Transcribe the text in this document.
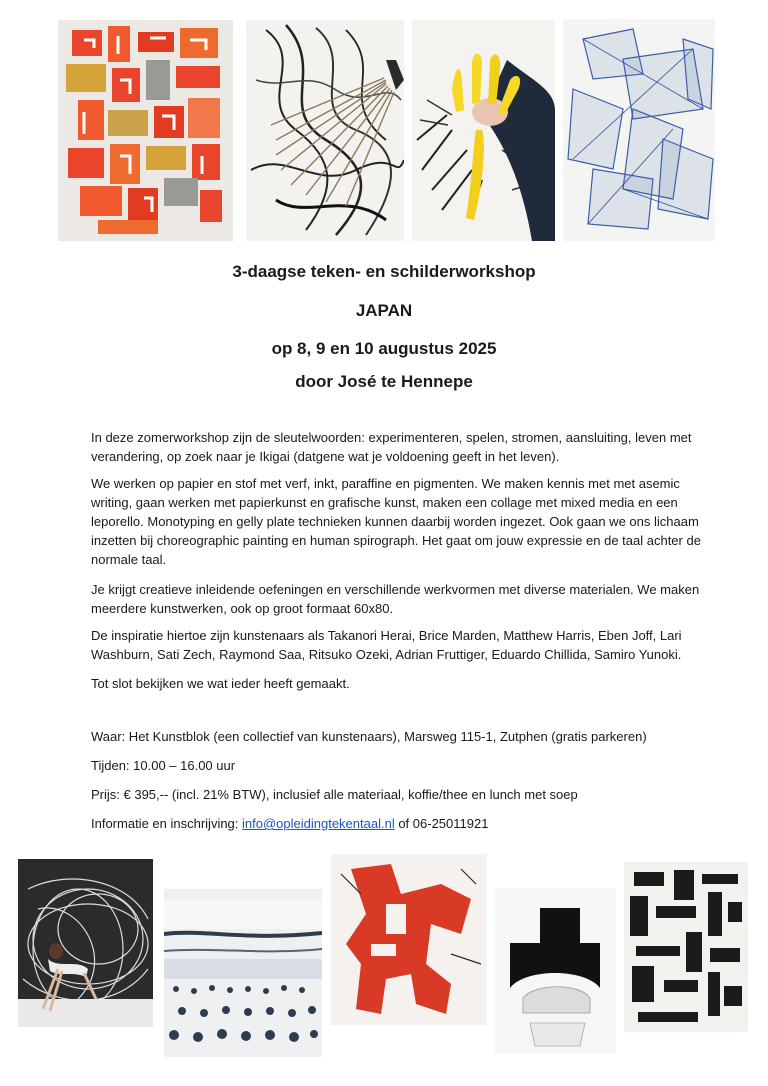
3-daagse teken- en schilderworkshop
JAPAN
op 8, 9 en 10 augustus 2025
door José te Hennepe

In deze zomerworkshop zijn de sleutelwoorden: experimenteren, spelen, stromen, aansluiting, leven met verandering, op zoek naar je Ikigai (datgene wat je voldoening geeft in het leven).

We werken op papier en stof met verf, inkt, paraffine en pigmenten. We maken kennis met met asemic writing, gaan werken met papierkunst en grafische kunst, maken een collage met mixed media en een leporello. Monotyping en gelly plate technieken kunnen daarbij worden ingezet. Ook gaan we ons lichaam inzetten bij choreographic painting en human spirograph. Het gaat om jouw expressie en de taal achter de normale taal.

Je krijgt creatieve inleidende oefeningen en verschillende werkvormen met diverse materialen. We maken meerdere kunstwerken, ook op groot formaat 60x80.

De inspiratie hiertoe zijn kunstenaars als Takanori Herai, Brice Marden, Matthew Harris, Eben Joff, Lari Washburn, Sati Zech, Raymond Saa, Ritsuko Ozeki, Adrian Fruttiger, Eduardo Chillida, Samiro Yunoki.

Tot slot bekijken we wat ieder heeft gemaakt.

Waar: Het Kunstblok (een collectief van kunstenaars), Marsweg 115-1, Zutphen (gratis parkeren)

Tijden: 10.00 – 16.00 uur

Prijs: € 395,-- (incl. 21% BTW), inclusief alle materiaal, koffie/thee en lunch met soep

Informatie en inschrijving: info@opleidingtekentaal.nl of 06-25011921
